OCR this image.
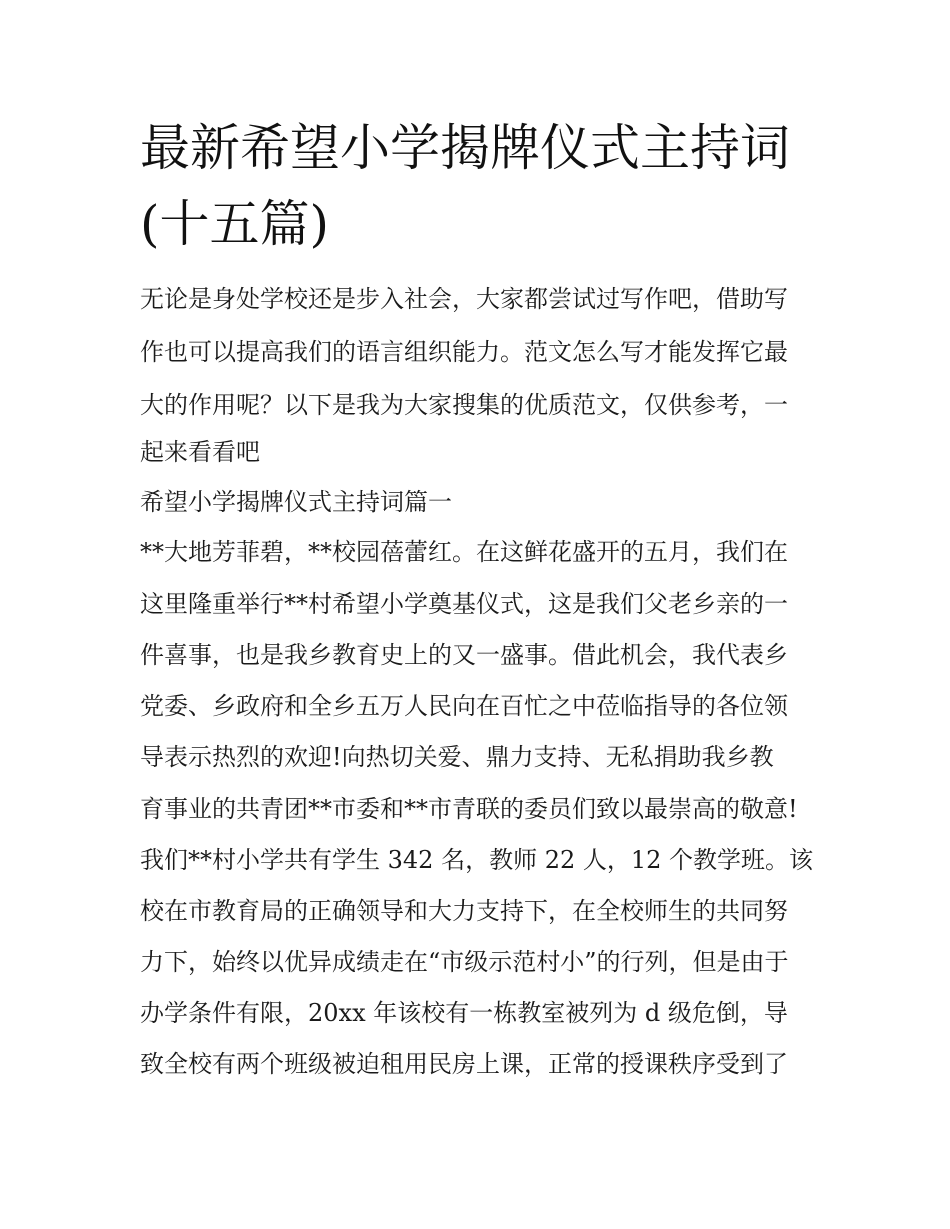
最新希望小学揭牌仪式主持词
(十五篇)
无论是身处学校还是步入社会，大家都尝试过写作吧，借助写
作也可以提高我们的语言组织能力。范文怎么写才能发挥它最
大的作用呢？以下是我为大家搜集的优质范文，仅供参考，一
起来看看吧
希望小学揭牌仪式主持词篇一
**大地芳菲碧，**校园蓓蕾红。在这鲜花盛开的五月，我们在
这里隆重举行**村希望小学奠基仪式，这是我们父老乡亲的一
件喜事，也是我乡教育史上的又一盛事。借此机会，我代表乡
党委、乡政府和全乡五万人民向在百忙之中莅临指导的各位领
导表示热烈的欢迎!向热切关爱、鼎力支持、无私捐助我乡教
育事业的共青团**市委和**市青联的委员们致以最崇高的敬意!
我们**村小学共有学生 342 名，教师 22 人，12 个教学班。该
校在市教育局的正确领导和大力支持下，在全校师生的共同努
力下，始终以优异成绩走在“市级示范村小”的行列，但是由于
办学条件有限，20xx 年该校有一栋教室被列为 d 级危倒，导
致全校有两个班级被迫租用民房上课，正常的授课秩序受到了
